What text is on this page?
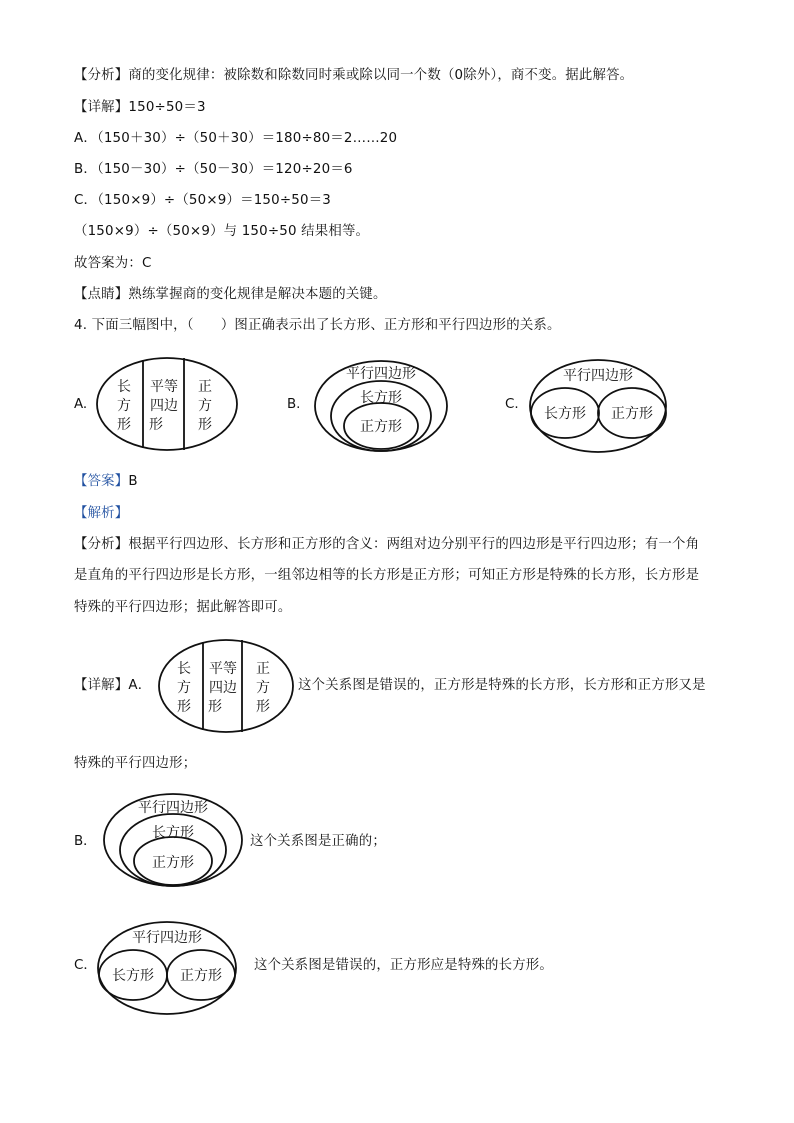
【分析】商的变化规律：被除数和除数同时乘或除以同一个数（0除外），商不变。据此解答。
【详解】150÷50＝3
A．（150＋30）÷（50＋30）＝180÷80＝2……20
B．（150－30）÷（50－30）＝120÷20＝6
C．（150×9）÷（50×9）＝150÷50＝3
（150×9）÷（50×9）与 150÷50 结果相等。
故答案为：C
【点睛】熟练掌握商的变化规律是解决本题的关键。
4. 下面三幅图中，（　　）图正确表示出了长方形、正方形和平行四边形的关系。
A.
长
方
形
平等
四边
形
正
方
形
B.
平行四边形
长方形
正方形
C.
平行四边形
长方形 正方形
【答案】B
【解析】
【分析】根据平行四边形、长方形和正方形的含义：两组对边分别平行的四边形是平行四边形；有一个角
是直角的平行四边形是长方形，一组邻边相等的长方形是正方形；可知正方形是特殊的长方形，长方形是
特殊的平行四边形；据此解答即可。
【详解】A．
长
方
形
平等
四边
形
正
方
形
这个关系图是错误的，正方形是特殊的长方形，长方形和正方形又是
特殊的平行四边形；
B．
平行四边形
长方形
正方形
这个关系图是正确的；
C．
平行四边形
长方形 正方形
这个关系图是错误的，正方形应是特殊的长方形。
